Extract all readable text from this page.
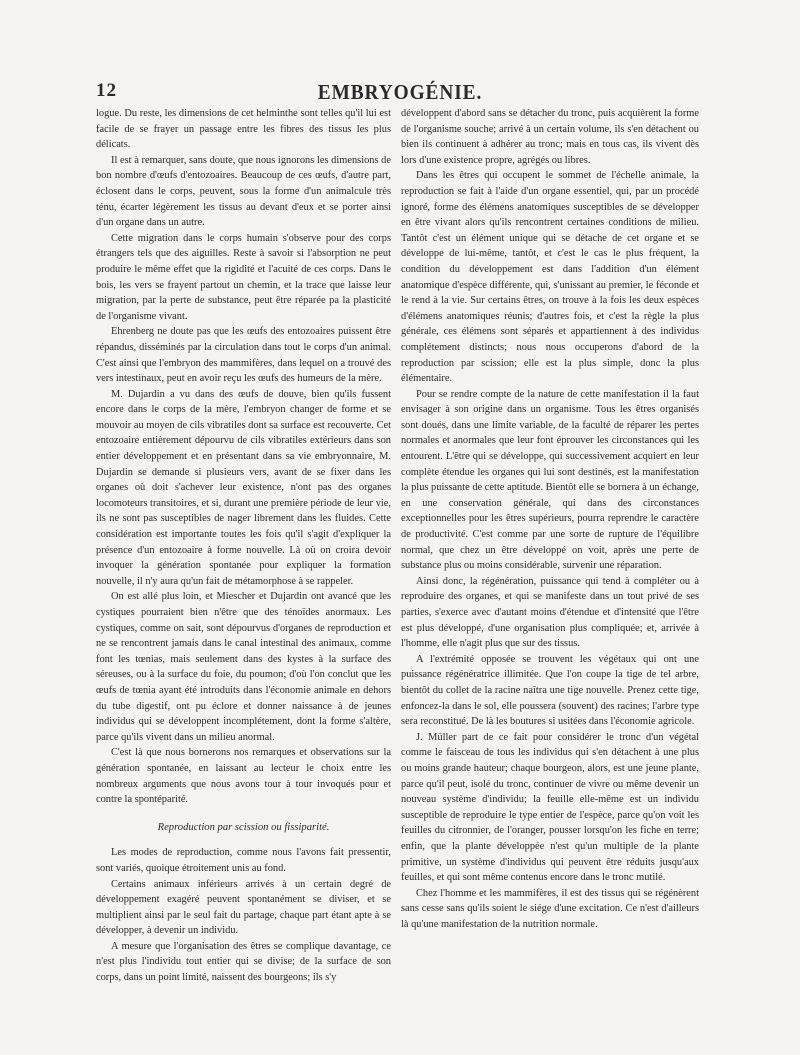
12	EMBRYOGÉNIE.

logue. Du reste, les dimensions de cet helminthe sont telles qu'il lui est facile de se frayer un passage entre les fibres des tissus les plus délicats.

Il est à remarquer, sans doute, que nous ignorons les dimensions de bon nombre d'œufs d'entozoaires. Beaucoup de ces œufs, d'autre part, éclosent dans le corps, peuvent, sous la forme d'un animalcule très ténu, écarter légèrement les tissus au devant d'eux et se porter ainsi d'un organe dans un autre.

Cette migration dans le corps humain s'observe pour des corps étrangers tels que des aiguilles. Reste à savoir si l'absorption ne peut produire le même effet que la rigidité et l'acuité de ces corps. Dans le bois, les vers se frayent partout un chemin, et la trace que laisse leur migration, par la perte de substance, peut être réparée pa la plasticité de l'organisme vivant.

Ehrenberg ne doute pas que les œufs des entozoaires puissent être répandus, disséminés par la circulation dans tout le corps d'un animal. C'est ainsi que l'embryon des mammifères, dans lequel on a trouvé des vers intestinaux, peut en avoir reçu les œufs des humeurs de la mère.

M. Dujardin a vu dans des œufs de douve, bien qu'ils fussent encore dans le corps de la mère, l'embryon changer de forme et se mouvoir au moyen de cils vibratiles dont sa surface est recouverte. Cet entozoaire entièrement dépourvu de cils vibratiles extérieurs dans son entier développement et en présentant dans sa vie embryonnaire, M. Dujardin se demande si plusieurs vers, avant de se fixer dans les organes où doit s'achever leur existence, n'ont pas des organes locomoteurs transitoires, et si, durant une première période de leur vie, ils ne sont pas susceptibles de nager librement dans les fluides. Cette considération est importante toutes les fois qu'il s'agit d'expliquer la présence d'un entozoaire à forme nouvelle. Là où on croira devoir invoquer la génération spontanée pour expliquer la formation nouvelle, il n'y aura qu'un fait de métamorphose à se rappeler.

On est allé plus loin, et Miescher et Dujardin ont avancé que les cystiques pourraient bien n'être que des ténoïdes anormaux. Les cystiques, comme on sait, sont dépourvus d'organes de reproduction et ne se rencontrent jamais dans le canal intestinal des animaux, comme font les tœnias, mais seulement dans des kystes à la surface des séreuses, ou à la surface du foie, du poumon; d'où l'on conclut que les œufs de tœnia ayant été introduits dans l'économie animale en dehors du tube digestif, ont pu éclore et donner naissance à de jeunes individus qui se développent incomplétement, dont la forme s'altère, parce qu'ils vivent dans un milieu anormal.

C'est là que nous bornerons nos remarques et observations sur la génération spontanée, en laissant au lecteur le choix entre les nombreux arguments que nous avons tour à tour invoqués pour et contre la spontéparité.

Reproduction par scission ou fissiparité.

Les modes de reproduction, comme nous l'avons fait pressentir, sont variés, quoique étroitement unis au fond.

Certains animaux inférieurs arrivés à un certain degré de développement exagéré peuvent spontanément se diviser, et se multiplient ainsi par le seul fait du partage, chaque part étant apte à se développer, à devenir un individu.

A mesure que l'organisation des êtres se complique davantage, ce n'est plus l'individu tout entier qui se divise; de la surface de son corps, dans un point limité, naissent des bourgeons; ils s'y

développent d'abord sans se détacher du tronc, puis acquièrent la forme de l'organisme souche; arrivé à un certain volume, ils s'en détachent ou bien ils continuent à adhérer au tronc; mais en tous cas, ils vivent dès lors d'une existence propre, agrégés ou libres.

Dans les êtres qui occupent le sommet de l'échelle animale, la reproduction se fait à l'aide d'un organe essentiel, qui, par un procédé ignoré, forme des élémens anatomiques susceptibles de se développer en être vivant alors qu'ils rencontrent certaines conditions de milieu. Tantôt c'est un élément unique qui se détache de cet organe et se développe de lui-même, tantôt, et c'est le cas le plus fréquent, la condition du développement est dans l'addition d'un élément anatomique d'espèce différente, qui, s'unissant au premier, le féconde et le rend à la vie. Sur certains êtres, on trouve à la fois les deux espèces d'élémens anatomiques réunis; d'autres fois, et c'est la règle la plus générale, ces élémens sont séparés et appartiennent à des individus complétement distincts; nous nous occuperons d'abord de la reproduction par scission; elle est la plus simple, donc la plus élémentaire.

Pour se rendre compte de la nature de cette manifestation il la faut envisager à son origine dans un organisme. Tous les êtres organisés sont doués, dans une limite variable, de la faculté de réparer les pertes normales et anormales que leur font éprouver les circonstances qui les entourent. L'être qui se développe, qui successivement acquiert en leur complète étendue les organes qui lui sont destinés, est la manifestation la plus puissante de cette aptitude. Bientôt elle se bornera à un échange, en une conservation générale, qui dans des circonstances exceptionnelles pour les êtres supérieurs, pourra reprendre le caractère de productivité. C'est comme par une sorte de rupture de l'équilibre normal, que chez un être développé on voit, après une perte de substance plus ou moins considérable, survenir une réparation.

Ainsi donc, la régénération, puissance qui tend à compléter ou à reproduire des organes, et qui se manifeste dans un tout privé de ses parties, s'exerce avec d'autant moins d'étendue et d'intensité que l'être est plus développé, d'une organisation plus compliquée; et, arrivée à l'homme, elle n'agit plus que sur des tissus.

A l'extrémité opposée se trouvent les végétaux qui ont une puissance régénératrice illimitée. Que l'on coupe la tige de tel arbre, bientôt du collet de la racine naîtra une tige nouvelle. Prenez cette tige, enfoncez-la dans le sol, elle poussera (souvent) des racines; l'arbre type sera reconstitué. De là les boutures si usitées dans l'économie agricole.

J. Müller part de ce fait pour considérer le tronc d'un végétal comme le faisceau de tous les individus qui s'en détachent à une plus ou moins grande hauteur; chaque bourgeon, alors, est une jeune plante, parce qu'il peut, isolé du tronc, continuer de vivre ou même devenir un nouveau système d'individu; la feuille elle-même est un individu susceptible de reproduire le type entier de l'espèce, parce qu'on voit les feuilles du citronnier, de l'oranger, pousser lorsqu'on les fiche en terre; enfin, que la plante développée n'est qu'un multiple de la plante primitive, un système d'individus qui peuvent être réduits jusqu'aux feuilles, et qui sont même contenus encore dans le tronc mutilé.

Chez l'homme et les mammifères, il est des tissus qui se régénèrent sans cesse sans qu'ils soient le siége d'une excitation. Ce n'est d'ailleurs là qu'une manifestation de la nutrition normale.
